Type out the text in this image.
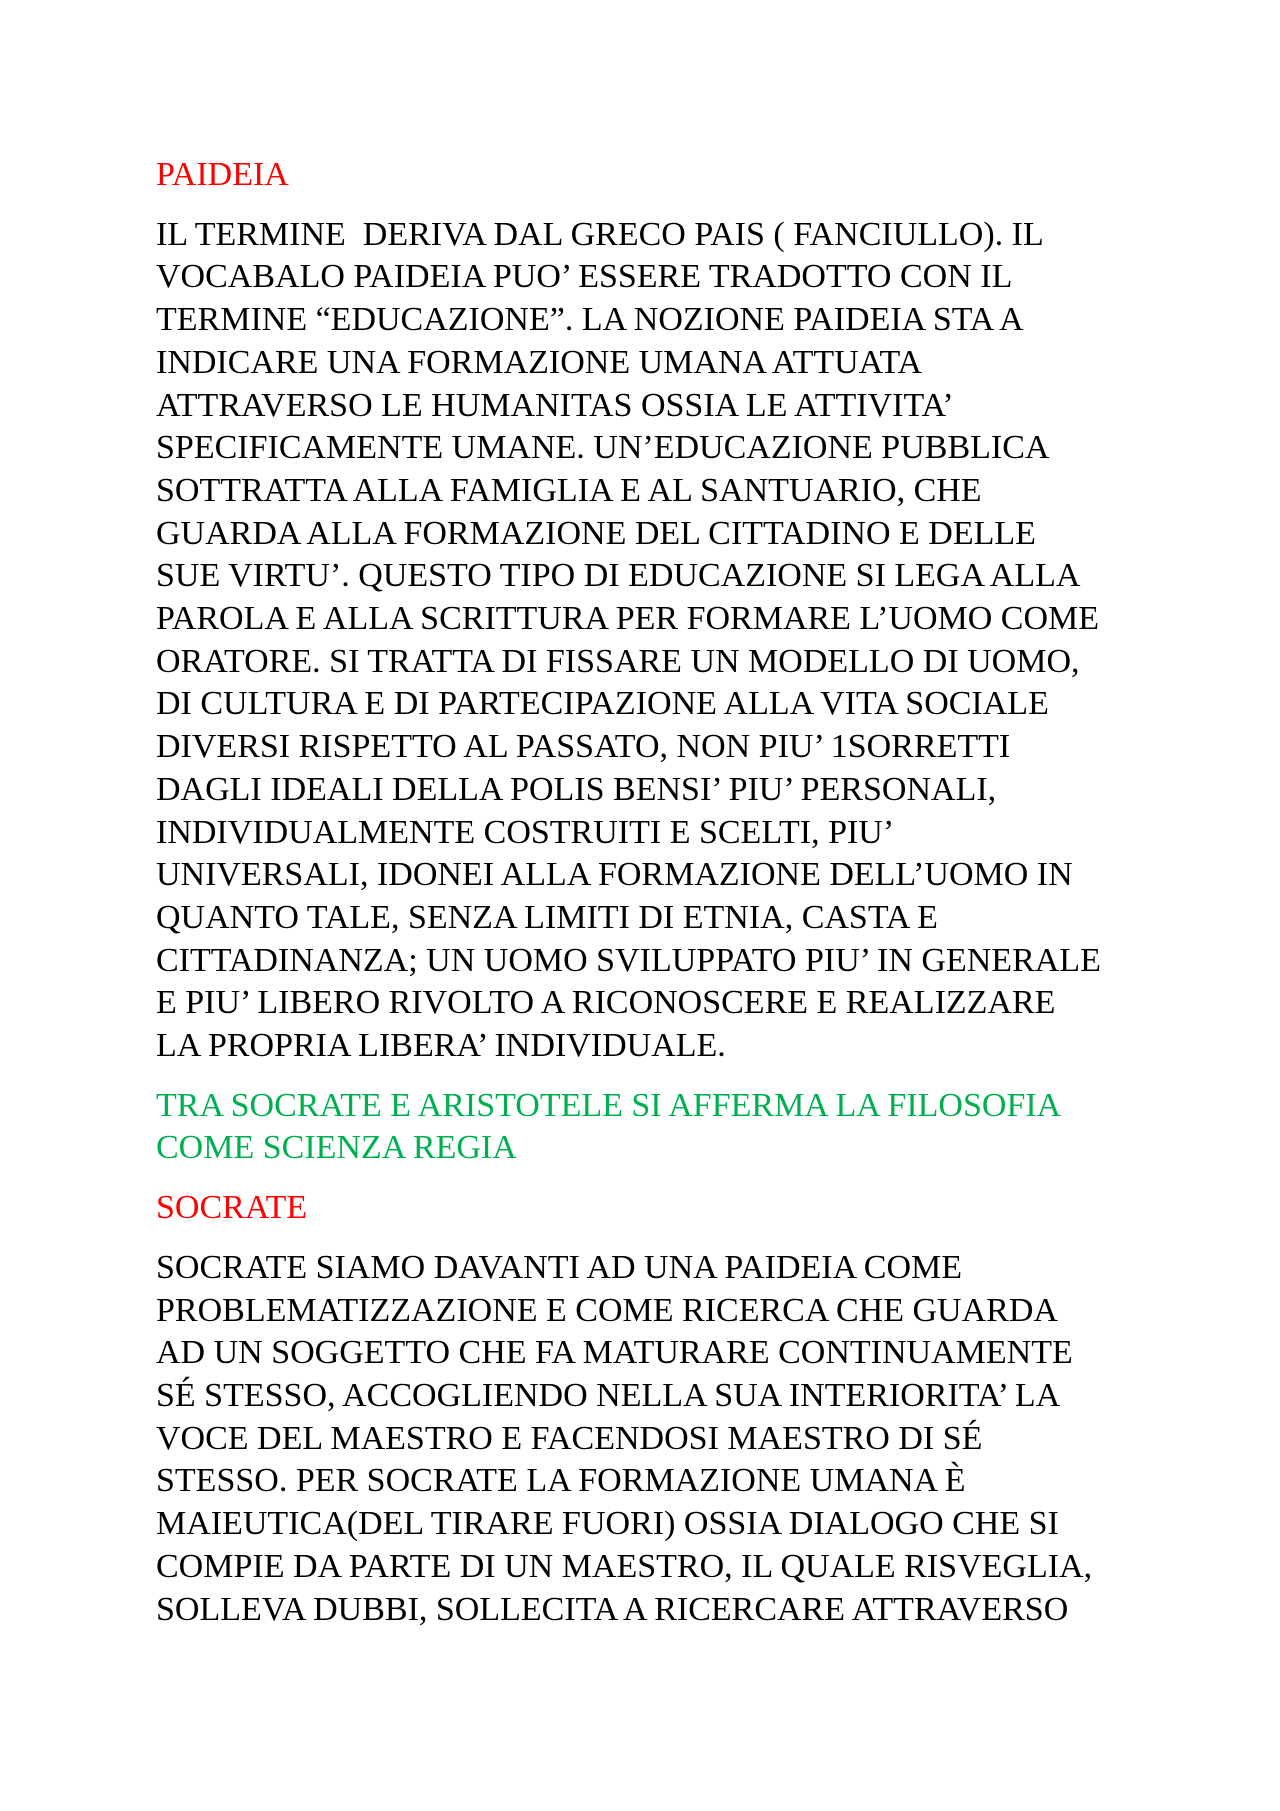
PAIDEIA
IL TERMINE  DERIVA DAL GRECO PAIS ( FANCIULLO). IL
VOCABALO PAIDEIA PUO’ ESSERE TRADOTTO CON IL
TERMINE “EDUCAZIONE”. LA NOZIONE PAIDEIA STA A
INDICARE UNA FORMAZIONE UMANA ATTUATA
ATTRAVERSO LE HUMANITAS OSSIA LE ATTIVITA’
SPECIFICAMENTE UMANE. UN’EDUCAZIONE PUBBLICA
SOTTRATTA ALLA FAMIGLIA E AL SANTUARIO, CHE
GUARDA ALLA FORMAZIONE DEL CITTADINO E DELLE
SUE VIRTU’. QUESTO TIPO DI EDUCAZIONE SI LEGA ALLA
PAROLA E ALLA SCRITTURA PER FORMARE L’UOMO COME
ORATORE. SI TRATTA DI FISSARE UN MODELLO DI UOMO,
DI CULTURA E DI PARTECIPAZIONE ALLA VITA SOCIALE
DIVERSI RISPETTO AL PASSATO, NON PIU’ 1SORRETTI
DAGLI IDEALI DELLA POLIS BENSI’ PIU’ PERSONALI,
INDIVIDUALMENTE COSTRUITI E SCELTI, PIU’
UNIVERSALI, IDONEI ALLA FORMAZIONE DELL’UOMO IN
QUANTO TALE, SENZA LIMITI DI ETNIA, CASTA E
CITTADINANZA; UN UOMO SVILUPPATO PIU’ IN GENERALE
E PIU’ LIBERO RIVOLTO A RICONOSCERE E REALIZZARE
LA PROPRIA LIBERA’ INDIVIDUALE.
TRA SOCRATE E ARISTOTELE SI AFFERMA LA FILOSOFIA
COME SCIENZA REGIA
SOCRATE
SOCRATE SIAMO DAVANTI AD UNA PAIDEIA COME
PROBLEMATIZZAZIONE E COME RICERCA CHE GUARDA
AD UN SOGGETTO CHE FA MATURARE CONTINUAMENTE
SÉ STESSO, ACCOGLIENDO NELLA SUA INTERIORITA’ LA
VOCE DEL MAESTRO E FACENDOSI MAESTRO DI SÉ
STESSO. PER SOCRATE LA FORMAZIONE UMANA È
MAIEUTICA(DEL TIRARE FUORI) OSSIA DIALOGO CHE SI
COMPIE DA PARTE DI UN MAESTRO, IL QUALE RISVEGLIA,
SOLLEVA DUBBI, SOLLECITA A RICERCARE ATTRAVERSO
